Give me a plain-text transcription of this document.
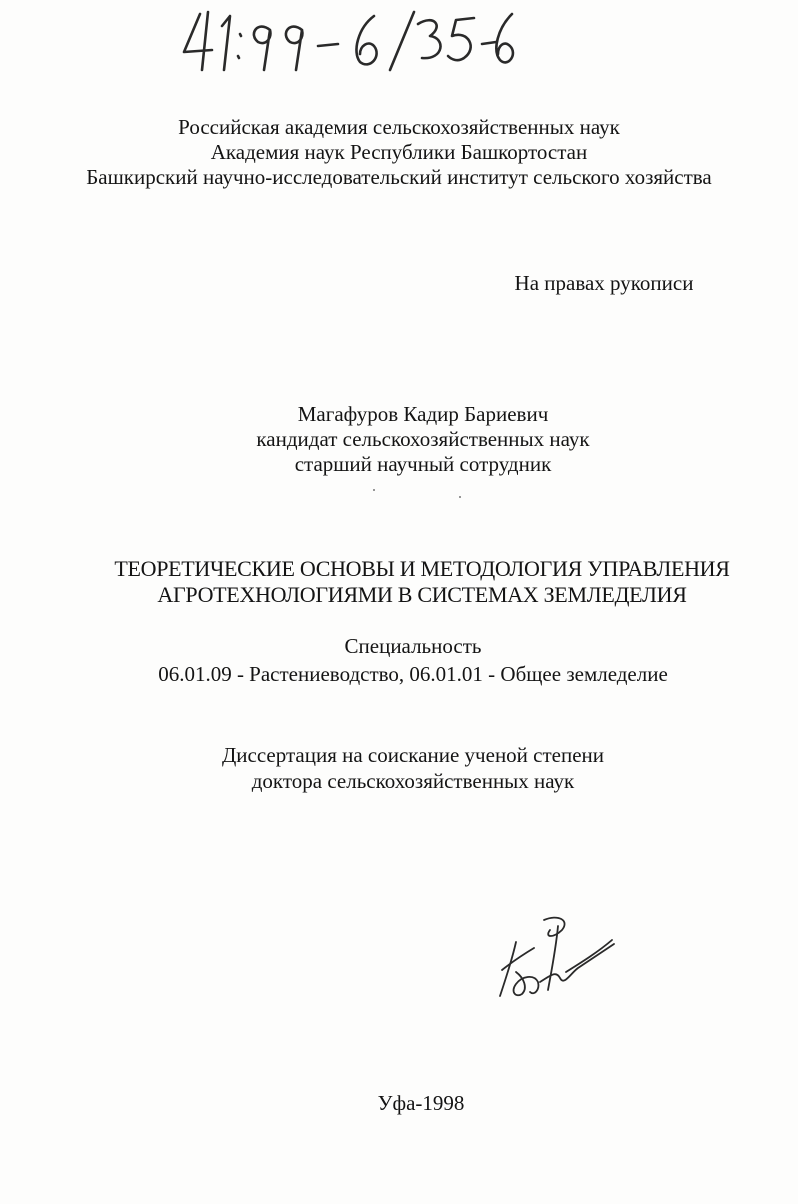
Российская академия сельскохозяйственных наук
Академия наук Республики Башкортостан
Башкирский научно-исследовательский институт сельского хозяйства
На правах рукописи
Магафуров Кадир Бариевич
кандидат сельскохозяйственных наук
старший научный сотрудник
ТЕОРЕТИЧЕСКИЕ ОСНОВЫ И МЕТОДОЛОГИЯ УПРАВЛЕНИЯ
АГРОТЕХНОЛОГИЯМИ В СИСТЕМАХ ЗЕМЛЕДЕЛИЯ
Специальность
06.01.09 - Растениеводство, 06.01.01 - Общее земледелие
Диссертация на соискание ученой степени
доктора сельскохозяйственных наук
Уфа-1998
